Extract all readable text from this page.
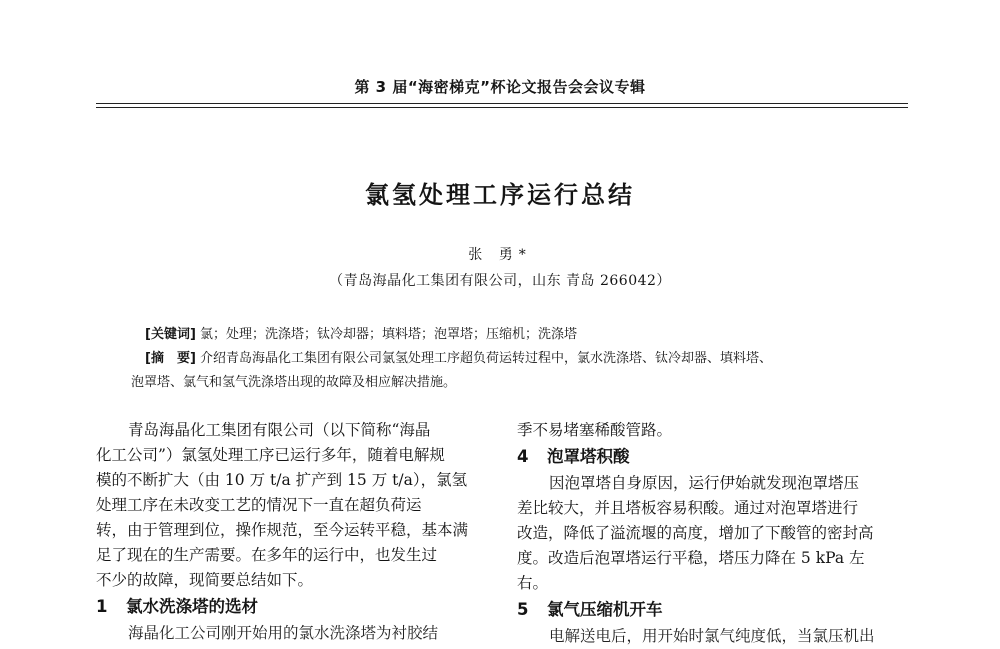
第 3 届“海密梯克”杯论文报告会会议专辑
氯氢处理工序运行总结
张 勇*
（青岛海晶化工集团有限公司，山东 青岛 266042）
[关键词] 氯；处理；洗涤塔；钛冷却器；填料塔；泡罩塔；压缩机；洗涤塔
[摘　要] 介绍青岛海晶化工集团有限公司氯氢处理工序超负荷运转过程中，氯水洗涤塔、钛冷却器、填料塔、
泡罩塔、氯气和氢气洗涤塔出现的故障及相应解决措施。
青岛海晶化工集团有限公司（以下简称“海晶
化工公司”）氯氢处理工序已运行多年，随着电解规
模的不断扩大（由 10 万 t/a 扩产到 15 万 t/a），氯氢
处理工序在未改变工艺的情况下一直在超负荷运
转，由于管理到位，操作规范，至今运转平稳，基本满
足了现在的生产需要。在多年的运行中，也发生过
不少的故障，现简要总结如下。
1 氯水洗涤塔的选材
海晶化工公司刚开始用的氯水洗涤塔为衬胶结
季不易堵塞稀酸管路。
4 泡罩塔积酸
因泡罩塔自身原因，运行伊始就发现泡罩塔压
差比较大，并且塔板容易积酸。通过对泡罩塔进行
改造，降低了溢流堰的高度，增加了下酸管的密封高
度。改造后泡罩塔运行平稳，塔压力降在 5 kPa 左
右。
5 氯气压缩机开车
电解送电后，用开始时氯气纯度低，当氯压机出
